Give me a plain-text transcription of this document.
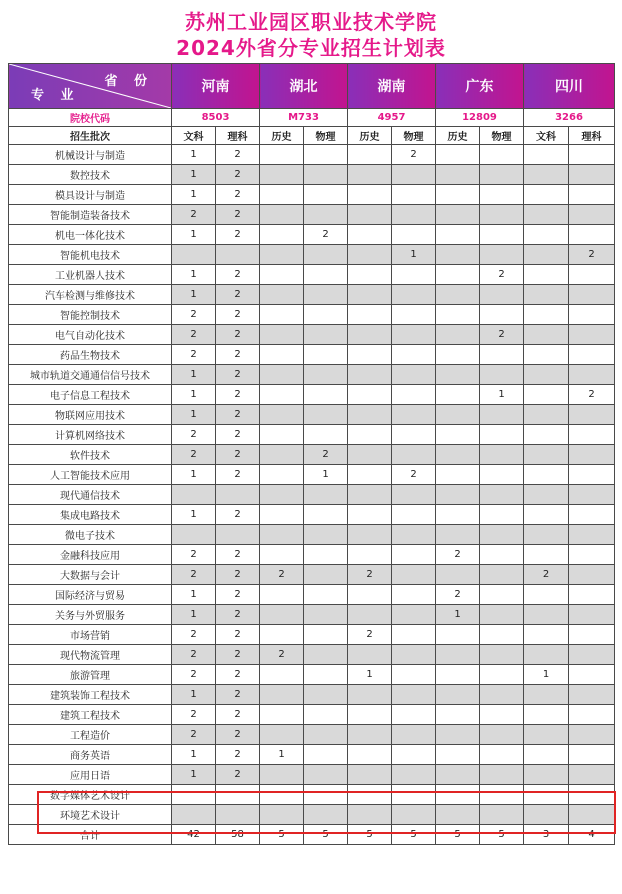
苏州工业园区职业技术学院
2024外省分专业招生计划表
省 份
专 业	河南		湖北		湖南		广东		四川	
院校代码	8503		M733		4957		12809		3266	
招生批次	文科	理科	历史	物理	历史	物理	历史	物理	文科	理科
机械设计与制造	1	2				2				
数控技术	1	2								
模具设计与制造	1	2								
智能制造装备技术	2	2								
机电一体化技术	1	2		2						
智能机电技术						1				2
工业机器人技术	1	2						2		
汽车检测与维修技术	1	2								
智能控制技术	2	2								
电气自动化技术	2	2						2		
药品生物技术	2	2								
城市轨道交通通信信号技术	1	2								
电子信息工程技术	1	2						1		2
物联网应用技术	1	2								
计算机网络技术	2	2								
软件技术	2	2		2						
人工智能技术应用	1	2		1		2				
现代通信技术										
集成电路技术	1	2								
微电子技术										
金融科技应用	2	2					2			
大数据与会计	2	2	2		2				2	
国际经济与贸易	1	2					2			
关务与外贸服务	1	2					1			
市场营销	2	2			2					
现代物流管理	2	2	2							
旅游管理	2	2			1				1	
建筑装饰工程技术	1	2								
建筑工程技术	2	2								
工程造价	2	2								
商务英语	1	2	1							
应用日语	1	2								
数字媒体艺术设计										
环境艺术设计										
合计	42	58	5	5	5	5	5	5	3	4
